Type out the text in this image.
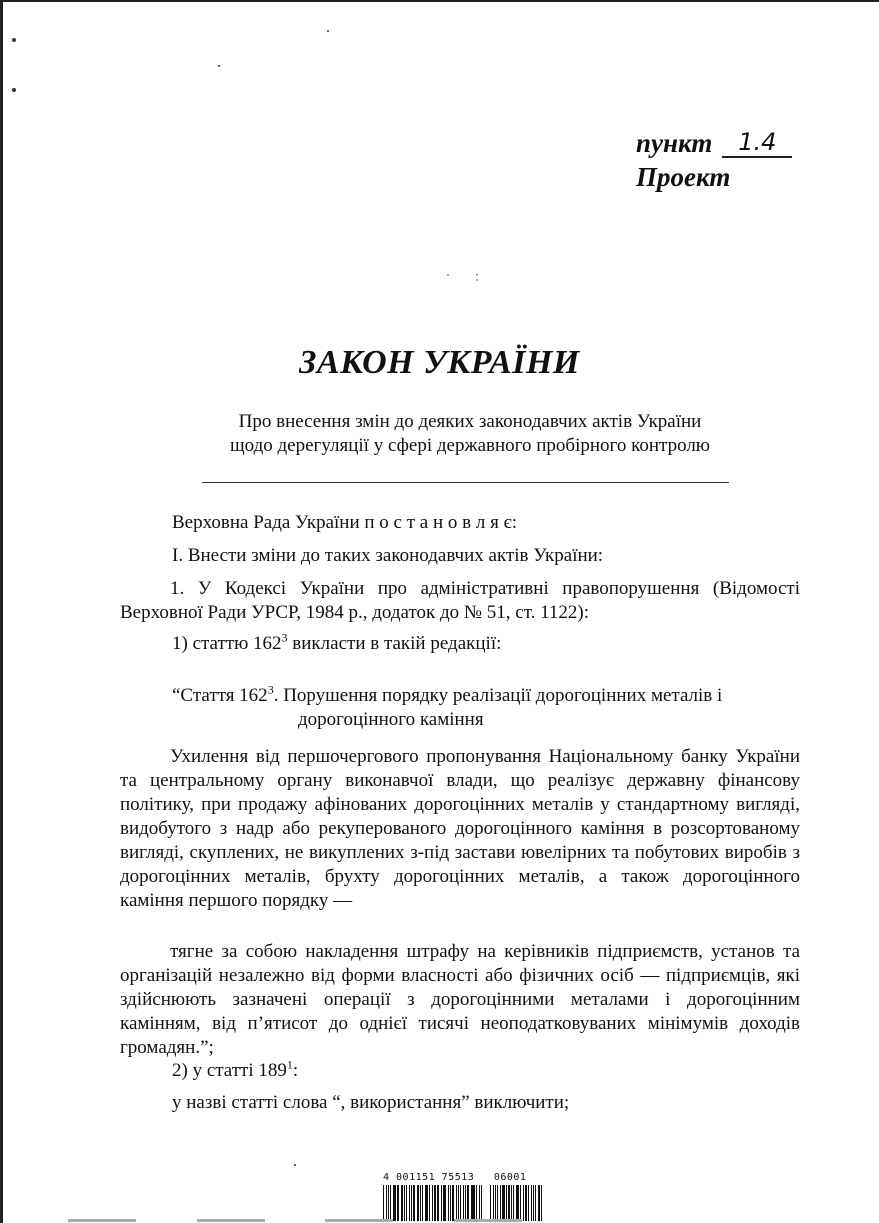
пункт	1.4
Проект
ЗАКОН УКРАЇНИ
Про внесення змін до деяких законодавчих актів України
щодо дерегуляції у сфері державного пробірного контролю
Верховна Рада України п о с т а н о в л я є:
І. Внести зміни до таких законодавчих актів України:

1. У Кодексі України про адміністративні правопорушення (Відомості Верховної Ради УРСР, 1984 р., додаток до № 51, ст. 1122):

1) статтю $162^3$ викласти в такій редакції:
“Стаття $162^3$. Порушення порядку реалізації дорогоцінних металів і
дорогоцінного каміння

Ухилення від першочергового пропонування Національному банку України та центральному органу виконавчої влади, що реалізує державну фінансову політику, при продажу афінованих дорогоцінних металів у стандартному вигляді, видобутого з надр або рекуперованого дорогоцінного каміння в розсортованому вигляді, скуплених, не викуплених з-під застави ювелірних та побутових виробів з дорогоцінних металів, брухту дорогоцінних металів, а також дорогоцінного каміння першого порядку —

тягне за собою накладення штрафу на керівників підприємств, установ та організацій незалежно від форми власності або фізичних осіб — підприємців, які здійснюють зазначені операції з дорогоцінними металами і дорогоцінним камінням, від п’ятисот до однієї тисячі неоподатковуваних мінімумів доходів громадян.”;

2) у статті $189^1$:
у назві статті слова “, використання” виключити;
4 001151 75513   06001
